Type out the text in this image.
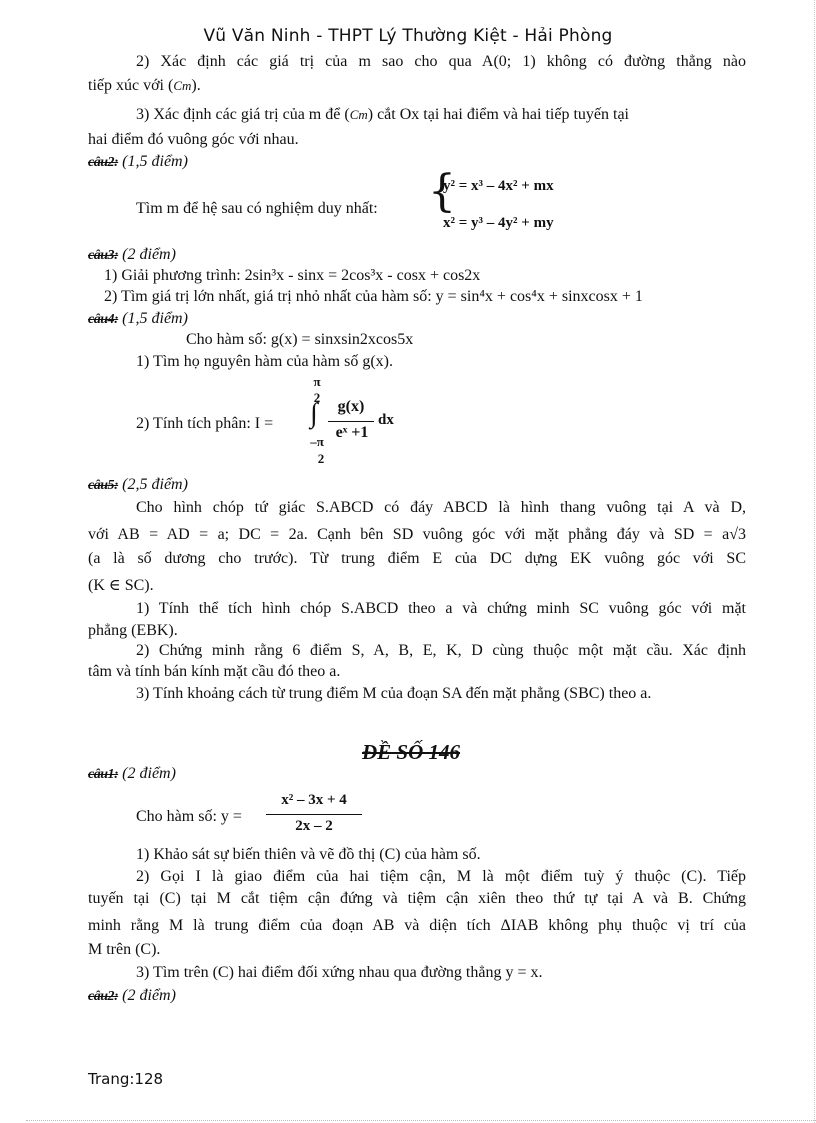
Vũ Văn Ninh - THPT Lý Thường Kiệt - Hải Phòng
2) Xác định các giá trị của m sao cho qua A(0; 1) không có đường thẳng nào
tiếp xúc với (Cm).
3) Xác định các giá trị của m để (Cm) cắt Ox tại hai điểm và hai tiếp tuyến tại
hai điểm đó vuông góc với nhau.
câu2: (1,5 điểm)
Tìm m để hệ sau có nghiệm duy nhất: {
y² = x³ – 4x² + mx
x² = y³ – 4y² + my
câu3: (2 điểm)
1) Giải phương trình: 2sin³x - sinx = 2cos³x - cosx + cos2x
2) Tìm giá trị lớn nhất, giá trị nhỏ nhất của hàm số: y = sin⁴x + cos⁴x + sinxcosx + 1
câu4: (1,5 điểm)
Cho hàm số: g(x) = sinxsin2xcos5x
1) Tìm họ nguyên hàm của hàm số g(x).
2) Tính tích phân: I =
π
2
∫
–π
2
g(x)
eˣ +1
dx
câu5: (2,5 điểm)
Cho hình chóp tứ giác S.ABCD có đáy ABCD là hình thang vuông tại A và D,
với AB = AD = a; DC = 2a. Cạnh bên SD vuông góc với mặt phẳng đáy và SD = a√3
(a là số dương cho trước). Từ trung điểm E của DC dựng EK vuông góc với SC
(K ∈ SC).
1) Tính thể tích hình chóp S.ABCD theo a và chứng minh SC vuông góc với mặt
phẳng (EBK).
2) Chứng minh rằng 6 điểm S, A, B, E, K, D cùng thuộc một mặt cầu. Xác định
tâm và tính bán kính mặt cầu đó theo a.
3) Tính khoảng cách từ trung điểm M của đoạn SA đến mặt phẳng (SBC) theo a.
ĐỀ SỐ 146
câu1: (2 điểm)
Cho hàm số: y =
x² – 3x + 4
2x – 2
1) Khảo sát sự biến thiên và vẽ đồ thị (C) của hàm số.
2) Gọi I là giao điểm của hai tiệm cận, M là một điểm tuỳ ý thuộc (C). Tiếp
tuyến tại (C) tại M cắt tiệm cận đứng và tiệm cận xiên theo thứ tự tại A và B. Chứng
minh rằng M là trung điểm của đoạn AB và diện tích ΔIAB không phụ thuộc vị trí của
M trên (C).
3) Tìm trên (C) hai điểm đối xứng nhau qua đường thẳng y = x.
câu2: (2 điểm)
Trang:128
